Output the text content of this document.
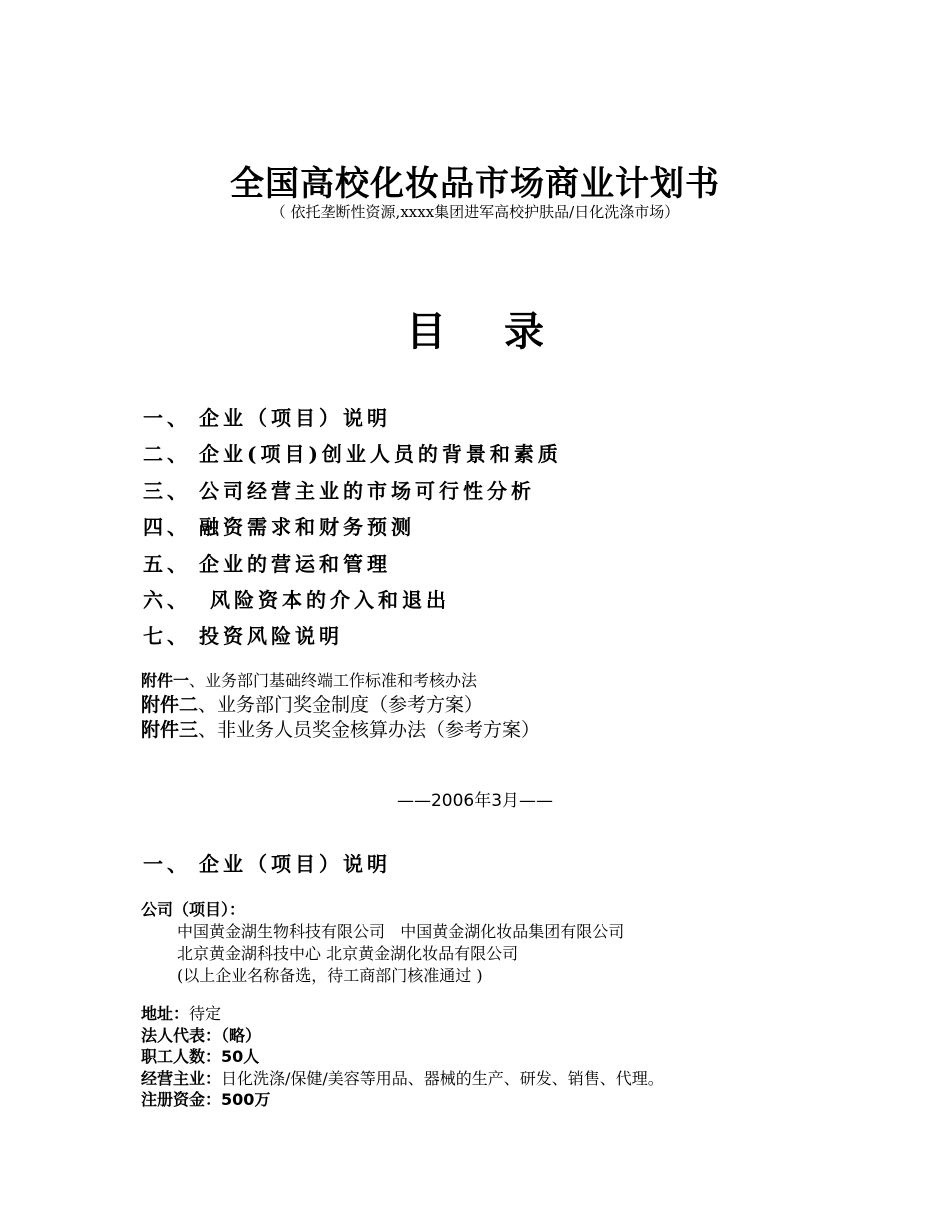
全国高校化妆品市场商业计划书
（ 依托垄断性资源,xxxx集团进军高校护肤品/日化洗涤市场）
目 录
一、 企业（项目）说明
二、 企业(项目)创业人员的背景和素质
三、 公司经营主业的市场可行性分析
四、 融资需求和财务预测
五、 企业的营运和管理
六、 风险资本的介入和退出
七、 投资风险说明
附件一、业务部门基础终端工作标准和考核办法
附件二、业务部门奖金制度（参考方案）
附件三、非业务人员奖金核算办法（参考方案）
——2006年3月——
一、 企业（项目）说明
公司（项目）：
中国黄金湖生物科技有限公司   中国黄金湖化妆品集团有限公司
北京黄金湖科技中心 北京黄金湖化妆品有限公司
(以上企业名称备选，待工商部门核准通过 )
地址：待定
法人代表：（略）
职工人数：50人
经营主业：日化洗涤/保健/美容等用品、器械的生产、研发、销售、代理。
注册资金：500万
